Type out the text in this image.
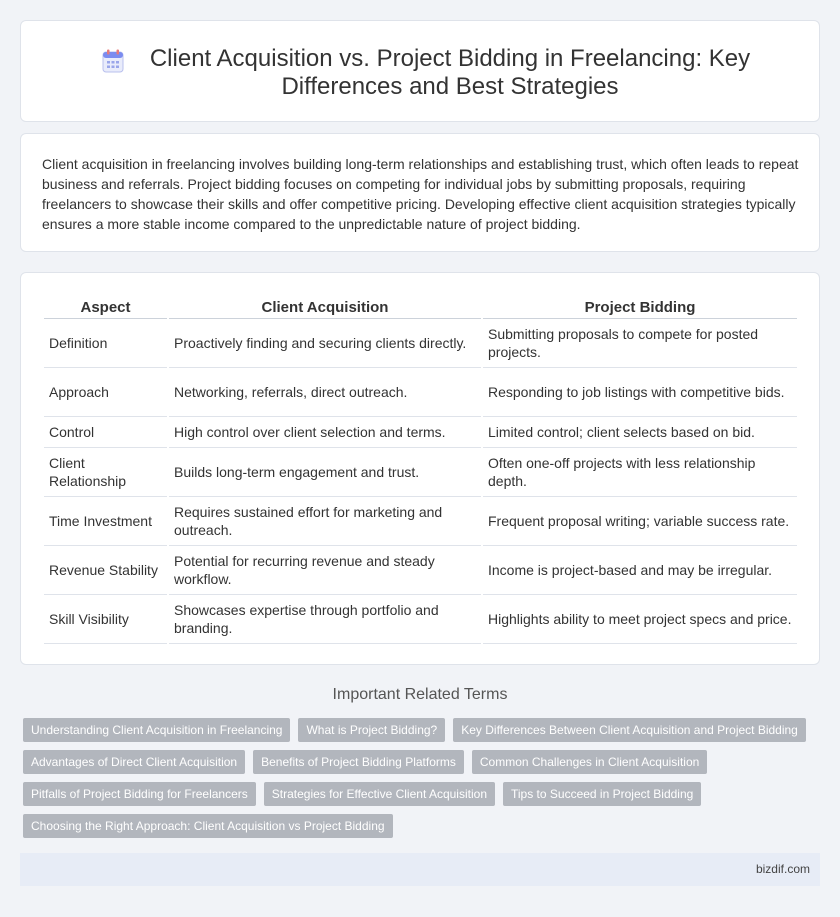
Client Acquisition vs. Project Bidding in Freelancing: Key Differences and Best Strategies

Client acquisition in freelancing involves building long-term relationships and establishing trust, which often leads to repeat business and referrals. Project bidding focuses on competing for individual jobs by submitting proposals, requiring freelancers to showcase their skills and offer competitive pricing. Developing effective client acquisition strategies typically ensures a more stable income compared to the unpredictable nature of project bidding.

Aspect	Client Acquisition	Project Bidding
Definition	Proactively finding and securing clients directly.	Submitting proposals to compete for posted projects.
Approach	Networking, referrals, direct outreach.	Responding to job listings with competitive bids.
Control	High control over client selection and terms.	Limited control; client selects based on bid.
Client Relationship	Builds long-term engagement and trust.	Often one-off projects with less relationship depth.
Time Investment	Requires sustained effort for marketing and outreach.	Frequent proposal writing; variable success rate.
Revenue Stability	Potential for recurring revenue and steady workflow.	Income is project-based and may be irregular.
Skill Visibility	Showcases expertise through portfolio and branding.	Highlights ability to meet project specs and price.
Important Related Terms
Understanding Client Acquisition in Freelancing	What is Project Bidding?	Key Differences Between Client Acquisition and Project Bidding
Advantages of Direct Client Acquisition	Benefits of Project Bidding Platforms	Common Challenges in Client Acquisition
Pitfalls of Project Bidding for Freelancers	Strategies for Effective Client Acquisition	Tips to Succeed in Project Bidding
Choosing the Right Approach: Client Acquisition vs Project Bidding
bizdif.com
